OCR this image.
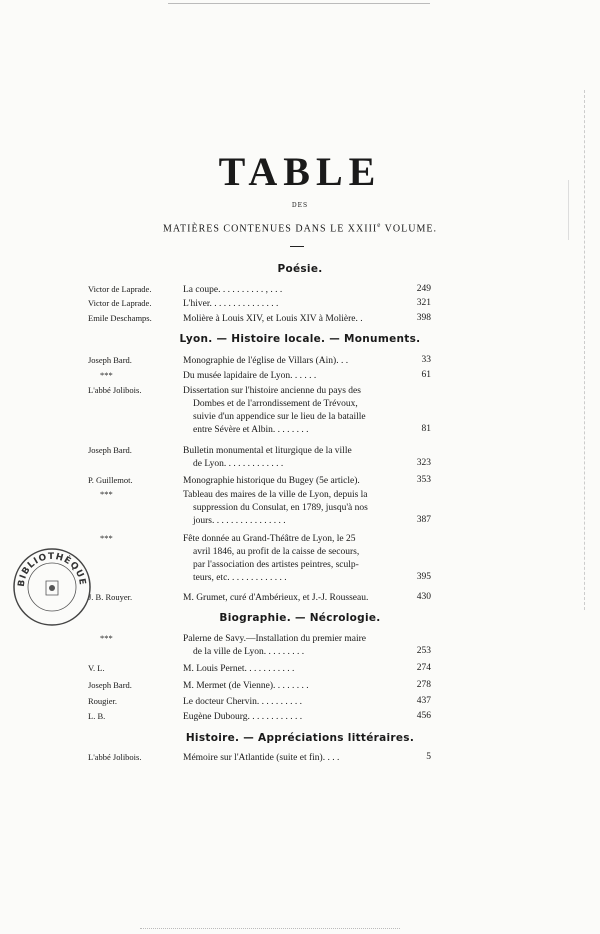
TABLE
DES
MATIÈRES CONTENUES DANS LE XXIIIe VOLUME.
Poésie.
Lyon. — Histoire locale. — Monuments.
Biographie. — Nécrologie.
Histoire. — Appréciations littéraires.
Victor de Laprade.	La coupe. . . . . . . . . . , . . .	249
Victor de Laprade.	L'hiver. . . . . . . . . . . . . . .	321
Emile Deschamps.	Molière à Louis XIV, et Louis XIV à Molière. .	398
Joseph Bard.	Monographie de l'église de Villars (Ain). . .	33
***	Du musée lapidaire de Lyon. . . . . .	61
L'abbé Jolibois.	Dissertation sur l'histoire ancienne du pays des
Dombes et de l'arrondissement de Trévoux,
suivie d'un appendice sur le lieu de la bataille
entre Sévère et Albin. . . . . . . .	81
Joseph Bard.	Bulletin monumental et liturgique de la ville
de Lyon. . . . . . . . . . . . .	323
P. Guillemot.	Monographie historique du Bugey (5e article).	353
***	Tableau des maires de la ville de Lyon, depuis la
suppression du Consulat, en 1789, jusqu'à nos
jours. . . . . . . . . . . . . . . .	387
***	Fête donnée au Grand-Théâtre de Lyon, le 25
avril 1846, au profit de la caisse de secours,
par l'association des artistes peintres, sculp-
teurs, etc. . . . . . . . . . . . .	395
J. B. Rouyer.	M. Grumet, curé d'Ambérieux, et J.-J. Rousseau.	430
***	Palerne de Savy.—Installation du premier maire
de la ville de Lyon. . . . . . . . .	253
V. L.	M. Louis Pernet. . . . . . . . . . .	274
Joseph Bard.	M. Mermet (de Vienne). . . . . . . .	278
Rougier.	Le docteur Chervin. . . . . . . . . .	437
L. B.	Eugène Dubourg. . . . . . . . . . . .	456
L'abbé Jolibois.	Mémoire sur l'Atlantide (suite et fin). . . .	5
BIBLIOTHÈQUE
